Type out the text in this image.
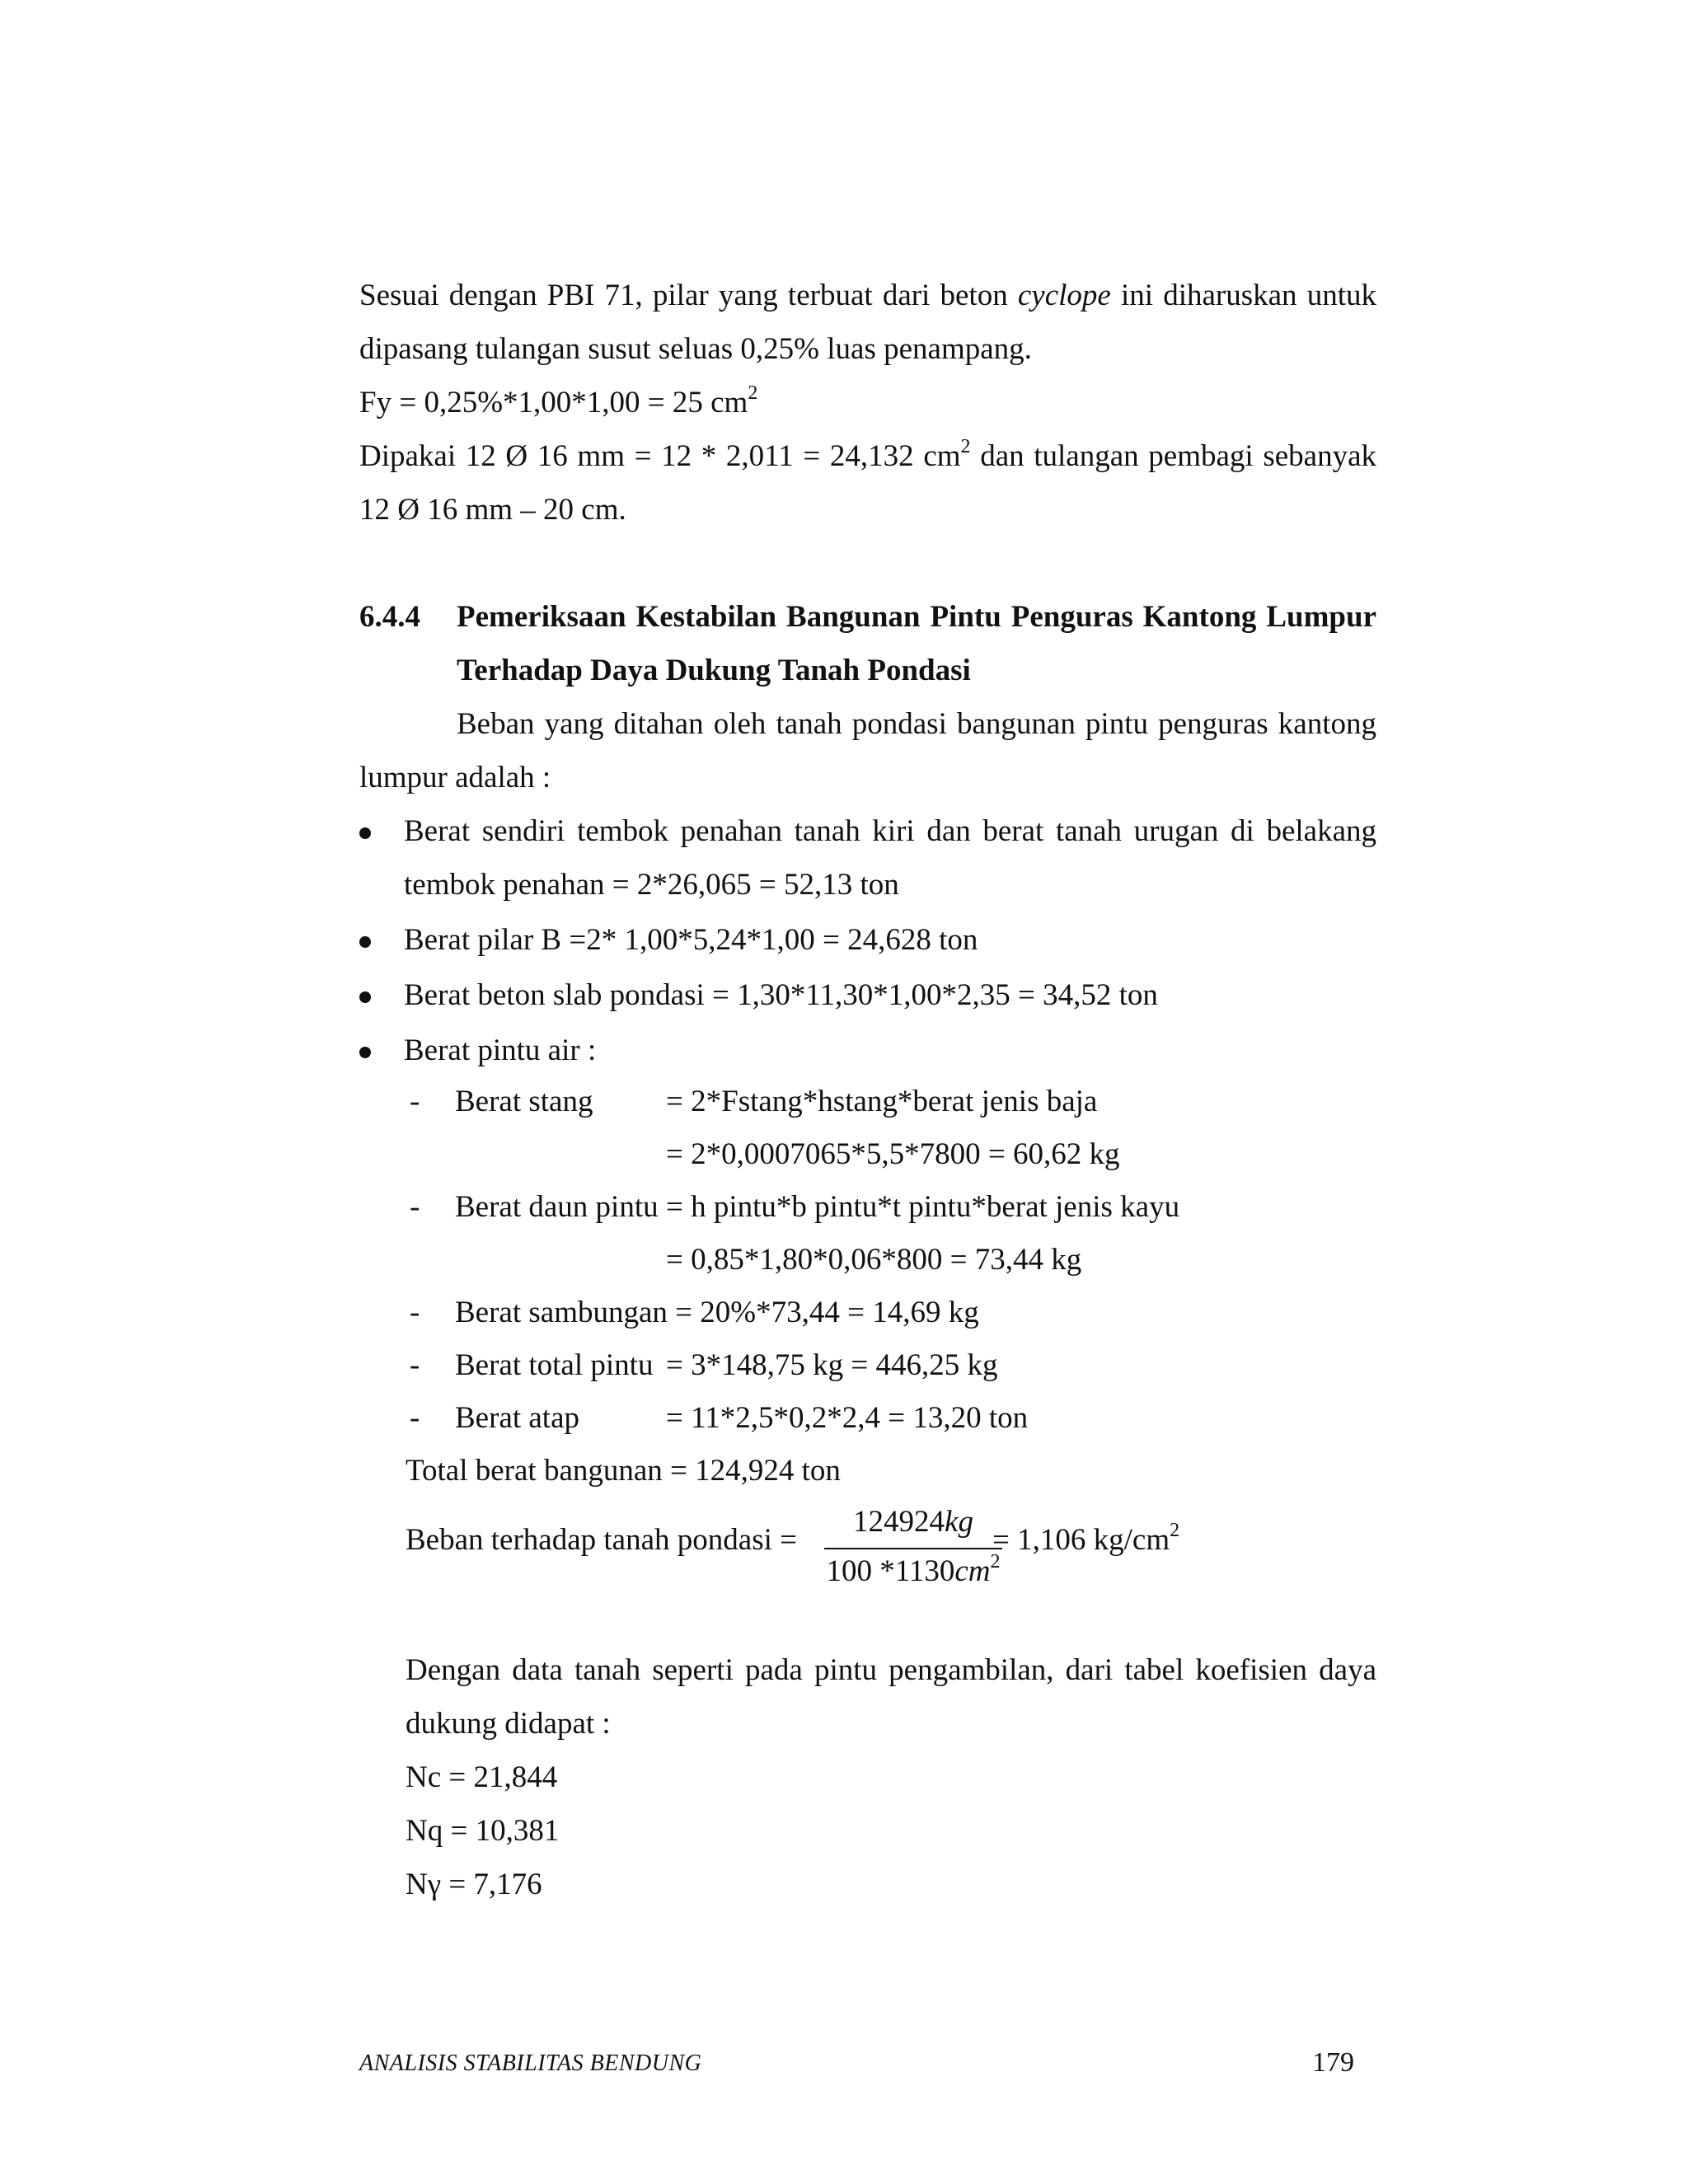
Sesuai dengan PBI 71, pilar yang terbuat dari beton cyclope ini diharuskan untuk
dipasang tulangan susut seluas 0,25% luas penampang.
Fy = 0,25%*1,00*1,00 = 25 $cm^2$
Dipakai 12 Ø 16 mm = 12 * 2,011 = 24,132 $cm^2$ dan tulangan pembagi sebanyak
12 Ø 16 mm – 20 cm.
6.4.4 Pemeriksaan Kestabilan Bangunan Pintu Penguras Kantong Lumpur
Terhadap Daya Dukung Tanah Pondasi
Beban yang ditahan oleh tanah pondasi bangunan pintu penguras kantong
lumpur adalah :
Berat sendiri tembok penahan tanah kiri dan berat tanah urugan di belakang
tembok penahan = 2*26,065 = 52,13 ton
Berat pilar B =2* 1,00*5,24*1,00 = 24,628 ton
Berat beton slab pondasi = 1,30*11,30*1,00*2,35 = 34,52 ton
Berat pintu air :
- Berat stang = 2*Fstang*hstang*berat jenis baja
= 2*0,0007065*5,5*7800 = 60,62 kg
- Berat daun pintu = h pintu*b pintu*t pintu*berat jenis kayu
= 0,85*1,80*0,06*800 = 73,44 kg
- Berat sambungan = 20%*73,44 = 14,69 kg
- Berat total pintu = 3*148,75 kg = 446,25 kg
- Berat atap	= 11*2,5*0,2*2,4 = 13,20 ton
Total berat bangunan = 124,924 ton
Beban terhadap tanah pondasi =
124924kg
100 $*1130cm^2$
= 1,106 $kg/cm^2$
Dengan data tanah seperti pada pintu pengambilan, dari tabel koefisien daya
dukung didapat :
Nc = 21,844
Nq = 10,381
Nγ = 7,176
ANALISIS STABILITAS BENDUNG	179
